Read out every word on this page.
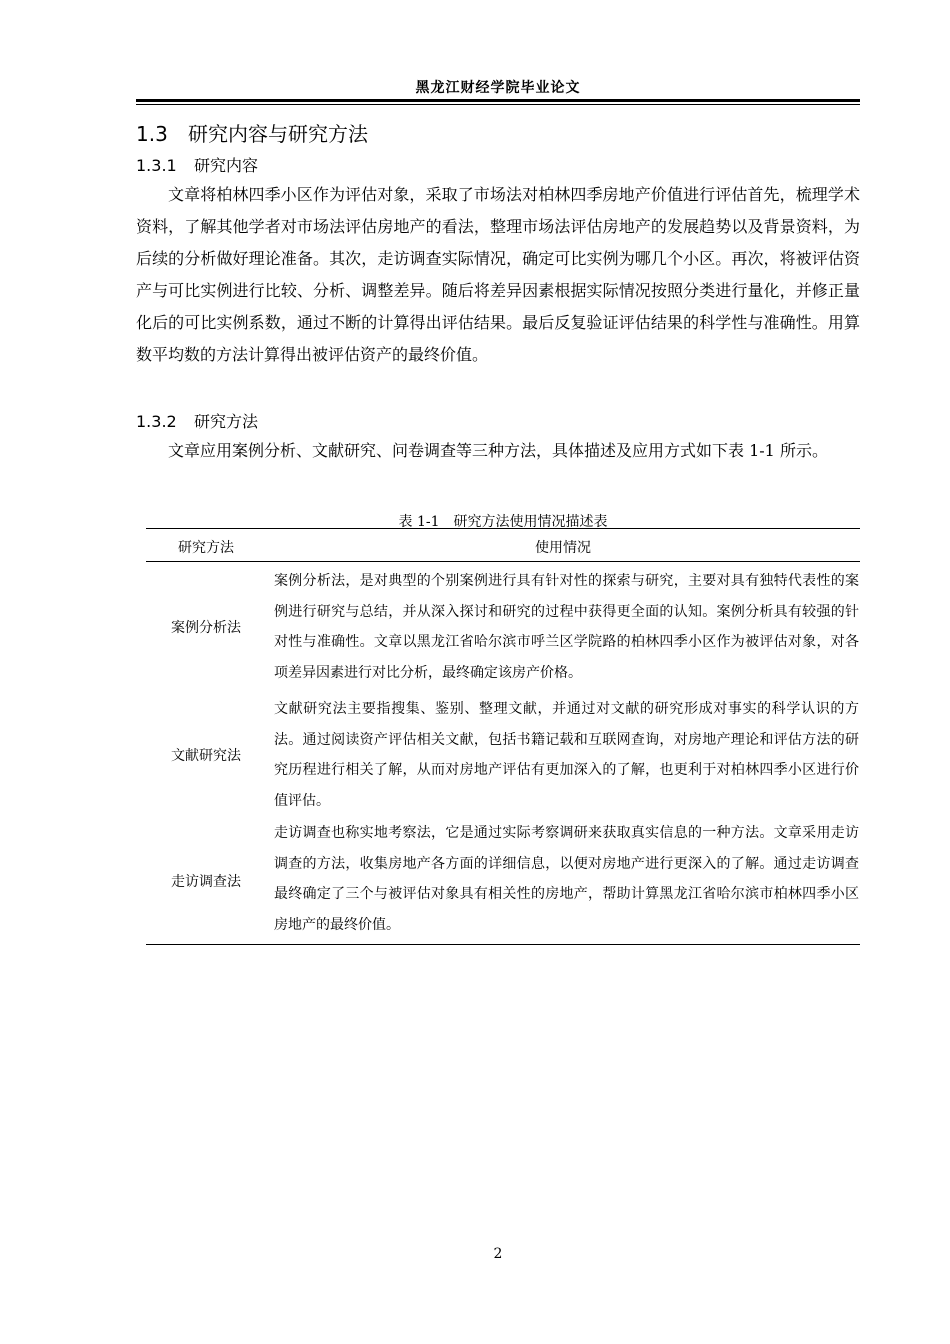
黑龙江财经学院毕业论文
1.3 研究内容与研究方法
1.3.1 研究内容
文章将柏林四季小区作为评估对象，采取了市场法对柏林四季房地产价值进行评估首先，梳理学术资料，了解其他学者对市场法评估房地产的看法，整理市场法评估房地产的发展趋势以及背景资料，为后续的分析做好理论准备。其次，走访调查实际情况，确定可比实例为哪几个小区。再次，将被评估资产与可比实例进行比较、分析、调整差异。随后将差异因素根据实际情况按照分类进行量化，并修正量化后的可比实例系数，通过不断的计算得出评估结果。最后反复验证评估结果的科学性与准确性。用算数平均数的方法计算得出被评估资产的最终价值。
1.3.2 研究方法
文章应用案例分析、文献研究、问卷调查等三种方法，具体描述及应用方式如下表 1-1 所示。
表 1-1　研究方法使用情况描述表
研究方法	使用情况
案例分析法	案例分析法，是对典型的个别案例进行具有针对性的探索与研究，主要对具有独特代表性的案例进行研究与总结，并从深入探讨和研究的过程中获得更全面的认知。案例分析具有较强的针对性与准确性。文章以黑龙江省哈尔滨市呼兰区学院路的柏林四季小区作为被评估对象，对各项差异因素进行对比分析，最终确定该房产价格。
文献研究法	文献研究法主要指搜集、鉴别、整理文献，并通过对文献的研究形成对事实的科学认识的方法。通过阅读资产评估相关文献，包括书籍记载和互联网查询，对房地产理论和评估方法的研究历程进行相关了解，从而对房地产评估有更加深入的了解，也更利于对柏林四季小区进行价值评估。
走访调查法	走访调查也称实地考察法，它是通过实际考察调研来获取真实信息的一种方法。文章采用走访调查的方法，收集房地产各方面的详细信息，以便对房地产进行更深入的了解。通过走访调查最终确定了三个与被评估对象具有相关性的房地产，帮助计算黑龙江省哈尔滨市柏林四季小区房地产的最终价值。
2
